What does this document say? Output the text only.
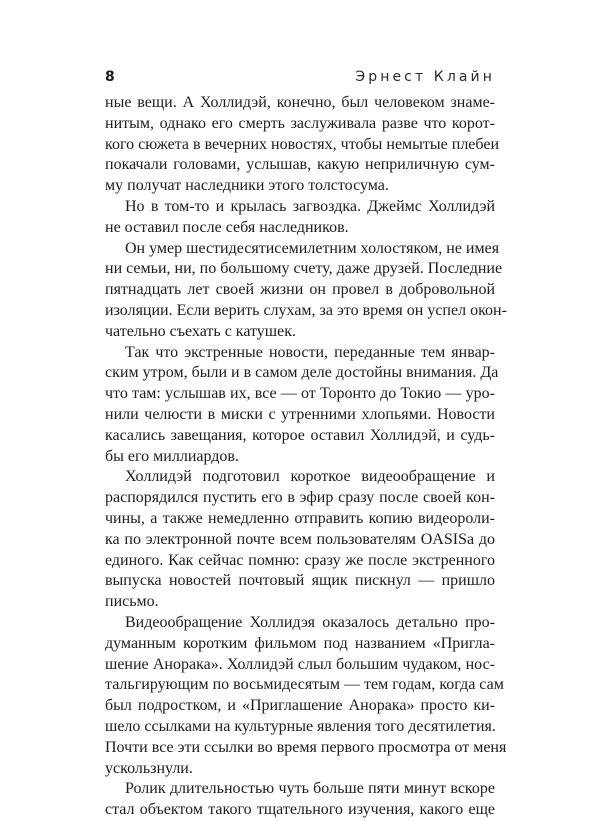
8	Эрнест Клайн
ные вещи. А Холлидэй, конечно, был человеком знаме-
нитым, однако его смерть заслуживала разве что корот-
кого сюжета в вечерних новостях, чтобы немытые плебеи
покачали головами, услышав, какую неприличную сум-
му получат наследники этого толстосума.
Но в том-то и крылась загвоздка. Джеймс Холлидэй
не оставил после себя наследников.
Он умер шестидесятисемилетним холостяком, не имея
ни семьи, ни, по большому счету, даже друзей. Последние
пятнадцать лет своей жизни он провел в добровольной
изоляции. Если верить слухам, за это время он успел окон-
чательно съехать с катушек.
Так что экстренные новости, переданные тем январ-
ским утром, были и в самом деле достойны внимания. Да
что там: услышав их, все — от Торонто до Токио — уро-
нили челюсти в миски с утренними хлопьями. Новости
касались завещания, которое оставил Холлидэй, и судь-
бы его миллиардов.
Холлидэй подготовил короткое видеообращение и
распорядился пустить его в эфир сразу после своей кон-
чины, а также немедленно отправить копию видеороли-
ка по электронной почте всем пользователям OASISа до
единого. Как сейчас помню: сразу же после экстренного
выпуска новостей почтовый ящик пискнул — пришло
письмо.
Видеообращение Холлидэя оказалось детально про-
думанным коротким фильмом под названием «Пригла-
шение Анорака». Холлидэй слыл большим чудаком, нос-
тальгирующим по восьмидесятым — тем годам, когда сам
был подростком, и «Приглашение Анорака» просто ки-
шело ссылками на культурные явления того десятилетия.
Почти все эти ссылки во время первого просмотра от меня
ускользнули.
Ролик длительностью чуть больше пяти минут вскоре
стал объектом такого тщательного изучения, какого еще
